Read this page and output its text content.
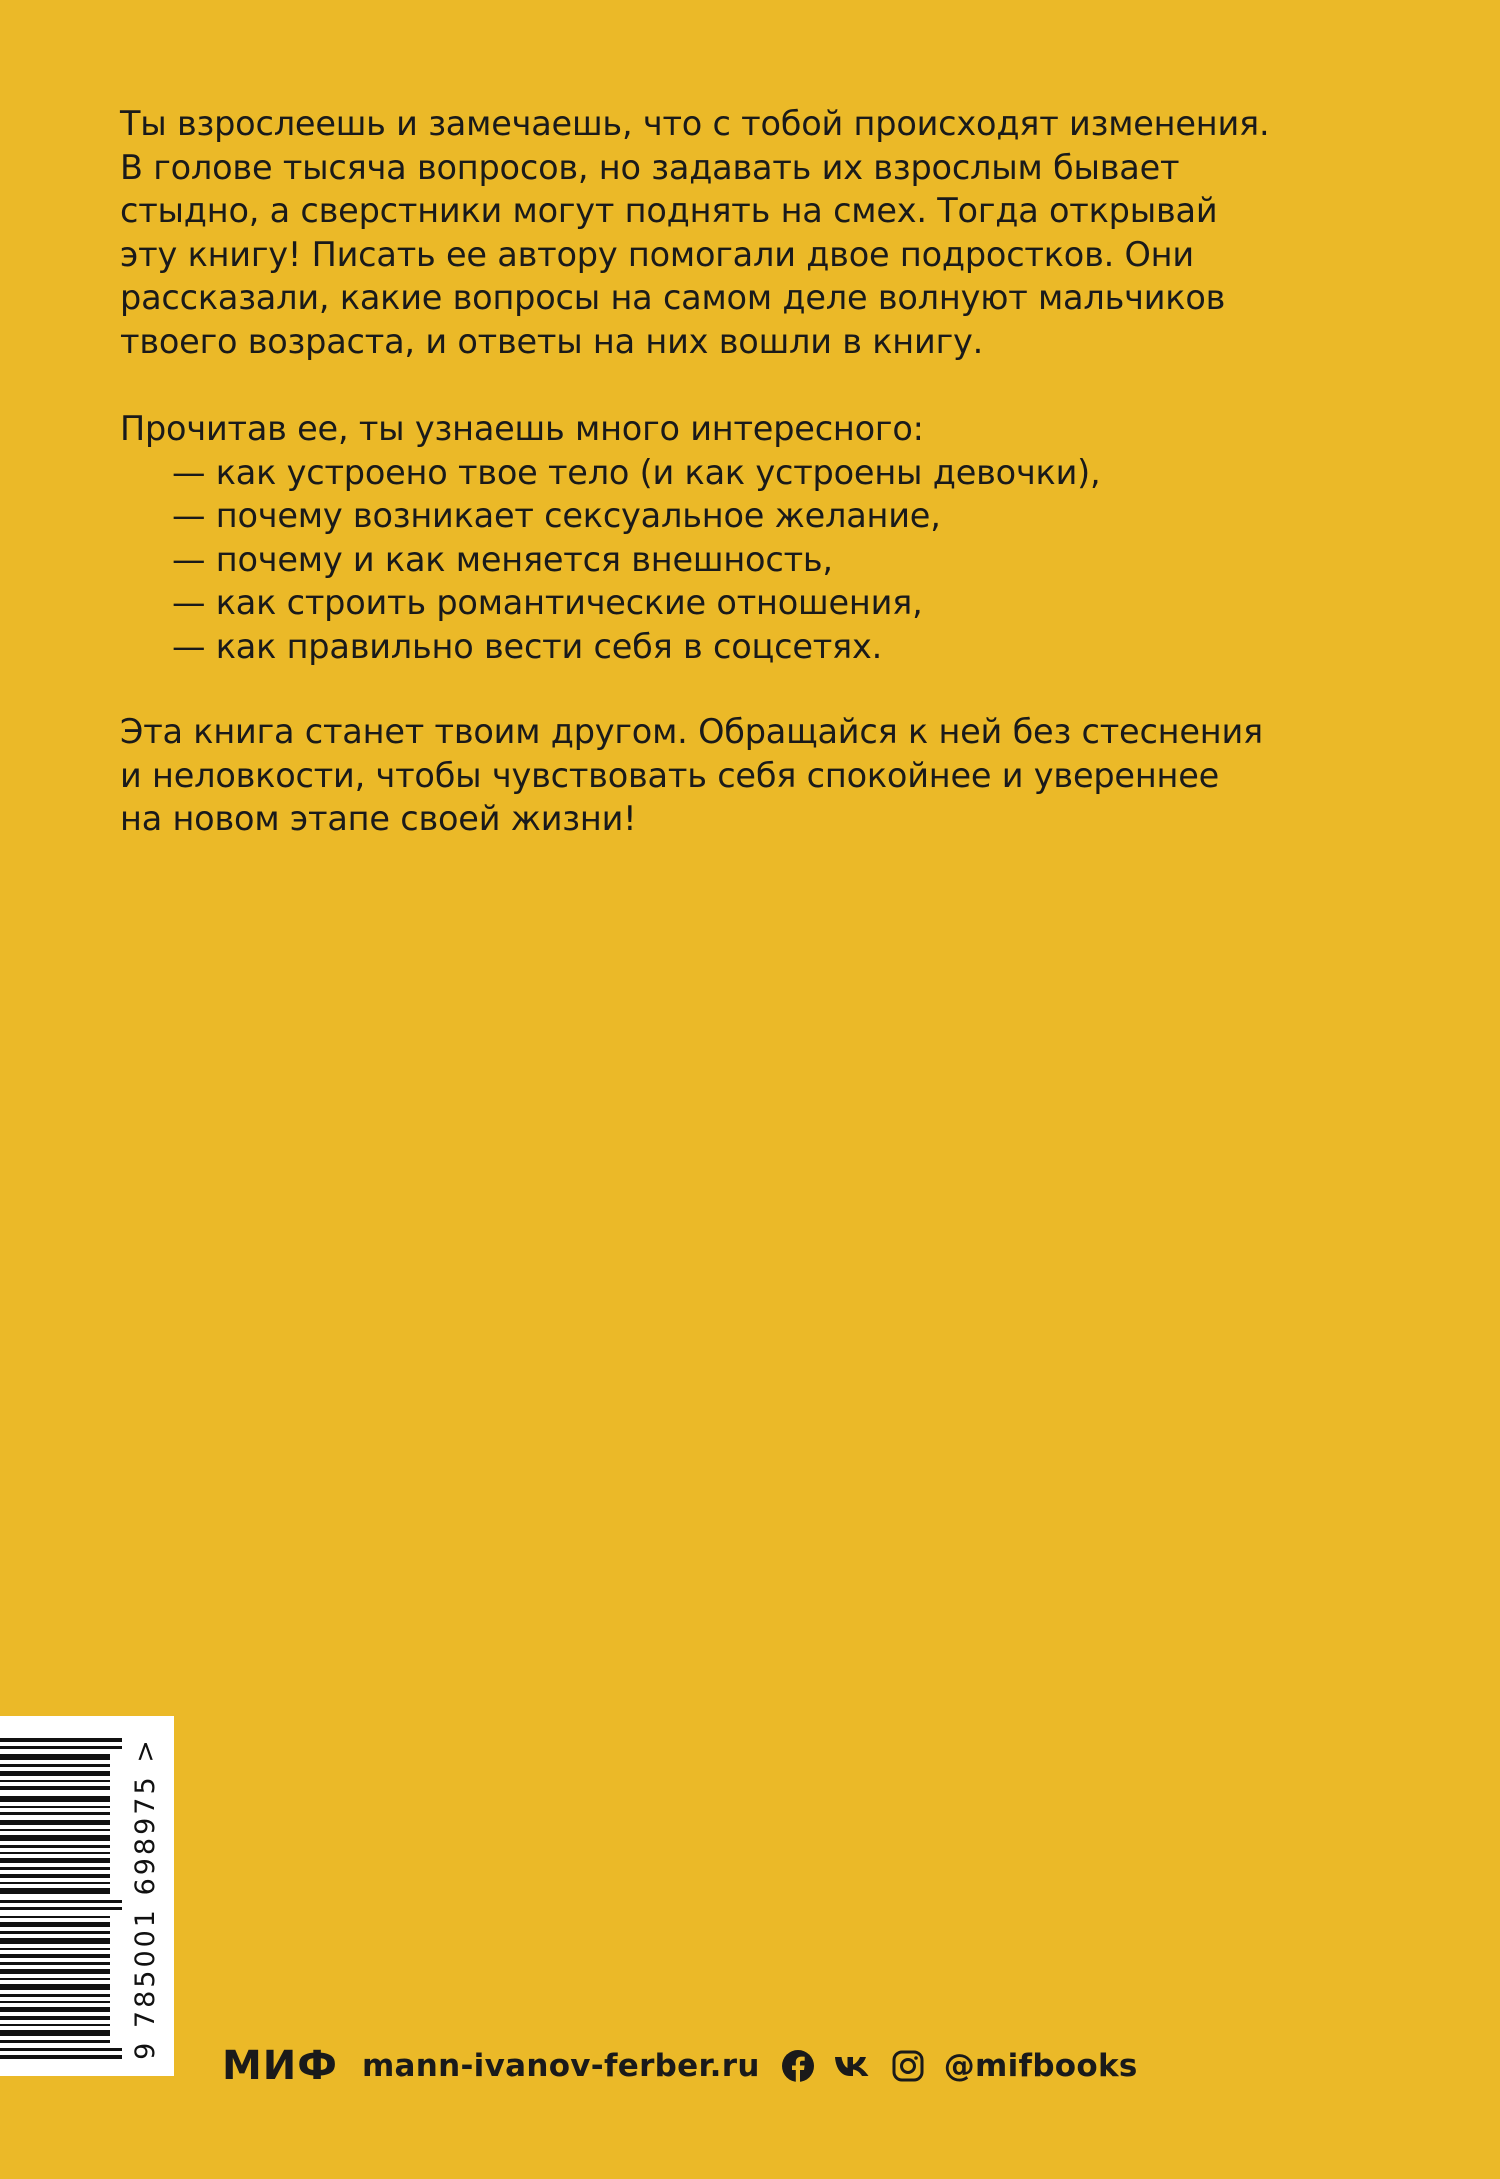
Ты взрослеешь и замечаешь, что с тобой происходят изменения.
В голове тысяча вопросов, но задавать их взрослым бывает
стыдно, а сверстники могут поднять на смех. Тогда открывай
эту книгу! Писать ее автору помогали двое подростков. Они
рассказали, какие вопросы на самом деле волнуют мальчиков
твоего возраста, и ответы на них вошли в книгу.
Прочитав ее, ты узнаешь много интересного:
— как устроено твое тело (и как устроены девочки),
— почему возникает сексуальное желание,
— почему и как меняется внешность,
— как строить романтические отношения,
— как правильно вести себя в соцсетях.
Эта книга станет твоим другом. Обращайся к ней без стеснения
и неловкости, чтобы чувствовать себя спокойнее и увереннее
на новом этапе своей жизни!
9 785001 698975 >
МИФ mann-ivanov-ferber.ru	@mifbooks
